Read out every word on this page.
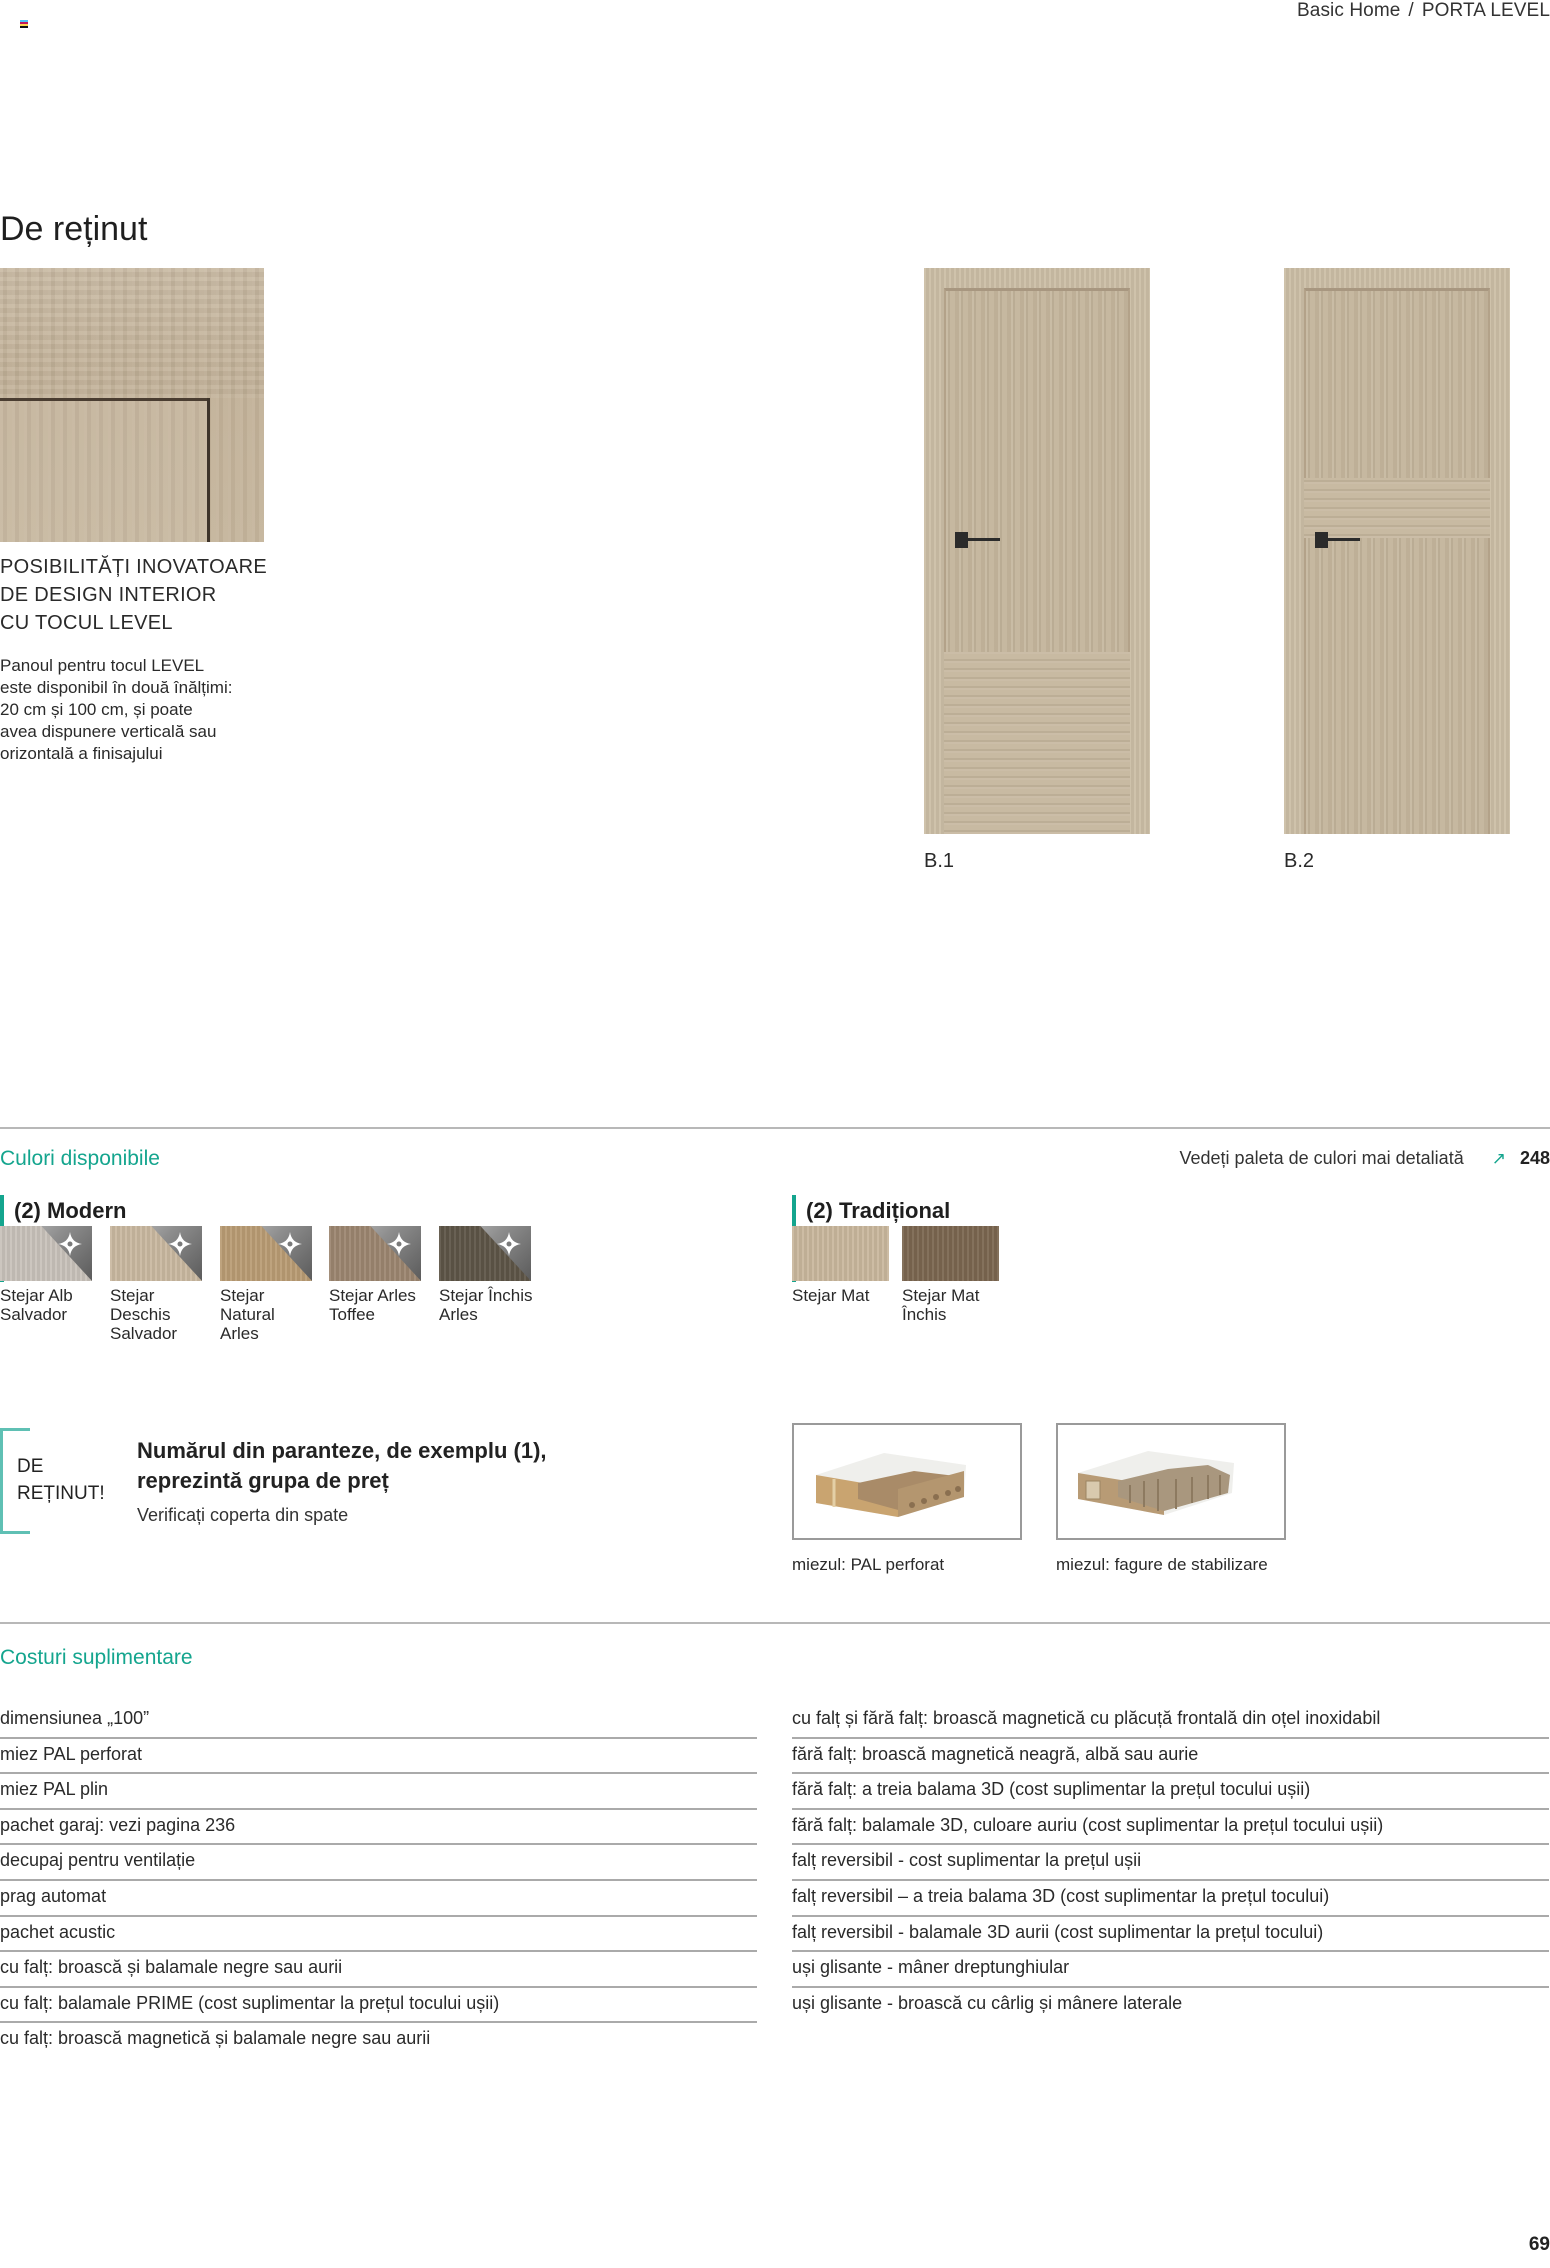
Basic Home / PORTA LEVEL
De reținut
POSIBILITĂȚI INOVATOARE
DE DESIGN INTERIOR
CU TOCUL LEVEL
Panoul pentru tocul LEVEL
este disponibil în două înălțimi:
20 cm și 100 cm, și poate
avea dispunere verticală sau
orizontală a finisajului
B.1	B.2
Culori disponibile	Vedeți paleta de culori mai detaliată ↗ 248
(2) Modern	(2) Tradițional
Stejar Alb
Salvador
Stejar
Deschis
Salvador
Stejar
Natural
Arles
Stejar Arles
Toffee
Stejar Închis
Arles
Stejar Mat	Stejar Mat
Închis
DE
REȚINUT!
Numărul din paranteze, de exemplu (1),
reprezintă grupa de preț
Verificați coperta din spate
miezul: PAL perforat	miezul: fagure de stabilizare
Costuri suplimentare
dimensiunea „100”
miez PAL perforat
miez PAL plin
pachet garaj: vezi pagina 236
decupaj pentru ventilație
prag automat
pachet acustic
cu falț: broască și balamale negre sau aurii
cu falț: balamale PRIME (cost suplimentar la prețul tocului ușii)
cu falț: broască magnetică și balamale negre sau aurii
cu falț și fără falț: broască magnetică cu plăcuță frontală din oțel inoxidabil
fără falț: broască magnetică neagră, albă sau aurie
fără falț: a treia balama 3D (cost suplimentar la prețul tocului ușii)
fără falț: balamale 3D, culoare auriu (cost suplimentar la prețul tocului ușii)
falț reversibil - cost suplimentar la prețul ușii
falț reversibil – a treia balama 3D (cost suplimentar la prețul tocului)
falț reversibil - balamale 3D aurii (cost suplimentar la prețul tocului)
uși glisante - mâner dreptunghiular
uși glisante - broască cu cârlig și mânere laterale
69
